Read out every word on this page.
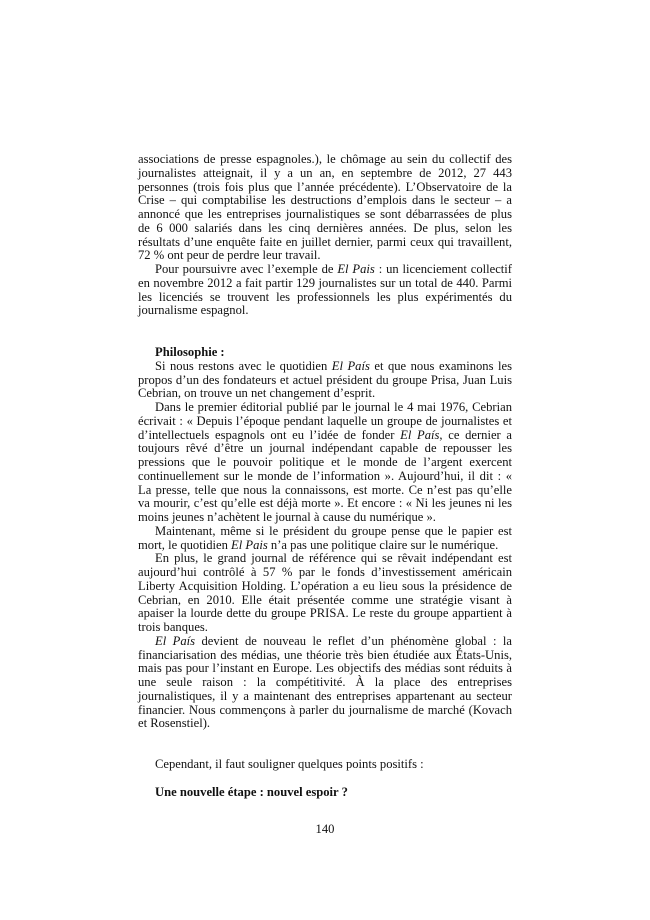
associations de presse espagnoles.), le chômage au sein du collectif des journalistes atteignait, il y a un an, en septembre de 2012, 27 443 personnes (trois fois plus que l’année précédente). L’Observatoire de la Crise – qui comptabilise les destructions d’emplois dans le secteur – a annoncé que les entreprises journalistiques se sont débarrassées de plus de 6 000 salariés dans les cinq dernières années. De plus, selon les résultats d’une enquête faite en juillet dernier, parmi ceux qui travaillent, 72 % ont peur de perdre leur travail.

Pour poursuivre avec l’exemple de El Pais : un licenciement collectif en novembre 2012 a fait partir 129 journalistes sur un total de 440. Parmi les licenciés se trouvent les professionnels les plus expérimentés du journalisme espagnol.

Philosophie :

Si nous restons avec le quotidien El País et que nous examinons les propos d’un des fondateurs et actuel président du groupe Prisa, Juan Luis Cebrian, on trouve un net changement d’esprit.

Dans le premier éditorial publié par le journal le 4 mai 1976, Cebrian écrivait : « Depuis l’époque pendant laquelle un groupe de journalistes et d’intellectuels espagnols ont eu l’idée de fonder El País, ce dernier a toujours rêvé d’être un journal indépendant capable de repousser les pressions que le pouvoir politique et le monde de l’argent exercent continuellement sur le monde de l’information ». Aujourd’hui, il dit : « La presse, telle que nous la connaissons, est morte. Ce n’est pas qu’elle va mourir, c’est qu’elle est déjà morte ». Et encore : « Ni les jeunes ni les moins jeunes n’achètent le journal à cause du numérique ».

Maintenant, même si le président du groupe pense que le papier est mort, le quotidien El Pais n’a pas une politique claire sur le numérique.

En plus, le grand journal de référence qui se rêvait indépendant est aujourd’hui contrôlé à 57 % par le fonds d’investissement américain Liberty Acquisition Holding. L’opération a eu lieu sous la présidence de Cebrian, en 2010. Elle était présentée comme une stratégie visant à apaiser la lourde dette du groupe PRISA. Le reste du groupe appartient à trois banques.

El País devient de nouveau le reflet d’un phénomène global : la financiarisation des médias, une théorie très bien étudiée aux États-Unis, mais pas pour l’instant en Europe. Les objectifs des médias sont réduits à une seule raison : la compétitivité. À la place des entreprises journalistiques, il y a maintenant des entreprises appartenant au secteur financier. Nous commençons à parler du journalisme de marché (Kovach et Rosenstiel).

Cependant, il faut souligner quelques points positifs :

Une nouvelle étape : nouvel espoir ?

140
